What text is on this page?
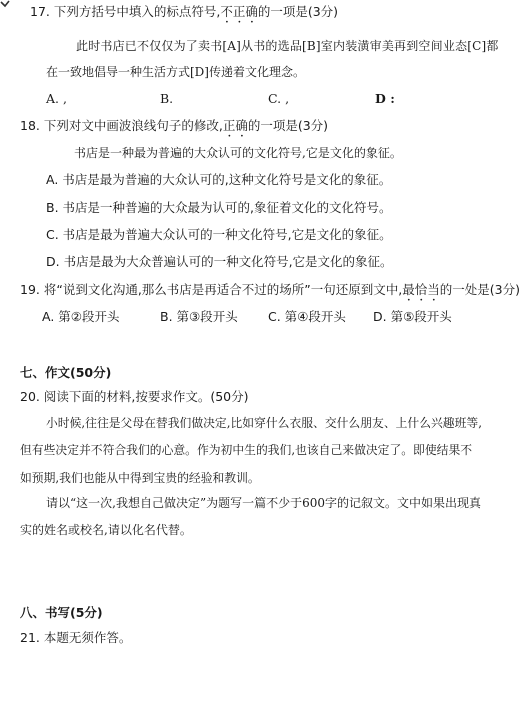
17. 下列方括号中填入的标点符号,不正确的一项是(3分)
此时书店已不仅仅为了卖书[A]从书的选品[B]室内装潢审美再到空间业态[C]都
在一致地倡导一种生活方式[D]传递着文化理念。
A. ,	B.	C. ,	D :
18. 下列对文中画波浪线句子的修改,正确的一项是(3分)
书店是一种最为普遍的大众认可的文化符号,它是文化的象征。
A. 书店是最为普遍的大众认可的,这种文化符号是文化的象征。
B. 书店是一种普遍的大众最为认可的,象征着文化的文化符号。
C. 书店是最为普遍大众认可的一种文化符号,它是文化的象征。
D. 书店是最为大众普遍认可的一种文化符号,它是文化的象征。
19. 将“说到文化沟通,那么书店是再适合不过的场所”一句还原到文中,最恰当的一处是(3分)
A. 第②段开头	B. 第③段开头 C. 第④段开头 D. 第⑤段开头
七、作文(50分)
20. 阅读下面的材料,按要求作文。(50分)
小时候,往往是父母在替我们做决定,比如穿什么衣服、交什么朋友、上什么兴趣班等,
但有些决定并不符合我们的心意。作为初中生的我们,也该自己来做决定了。即使结果不
如预期,我们也能从中得到宝贵的经验和教训。
请以“这一次,我想自己做决定”为题写一篇不少于600字的记叙文。文中如果出现真
实的姓名或校名,请以化名代替。
八、书写(5分)
21. 本题无须作答。
